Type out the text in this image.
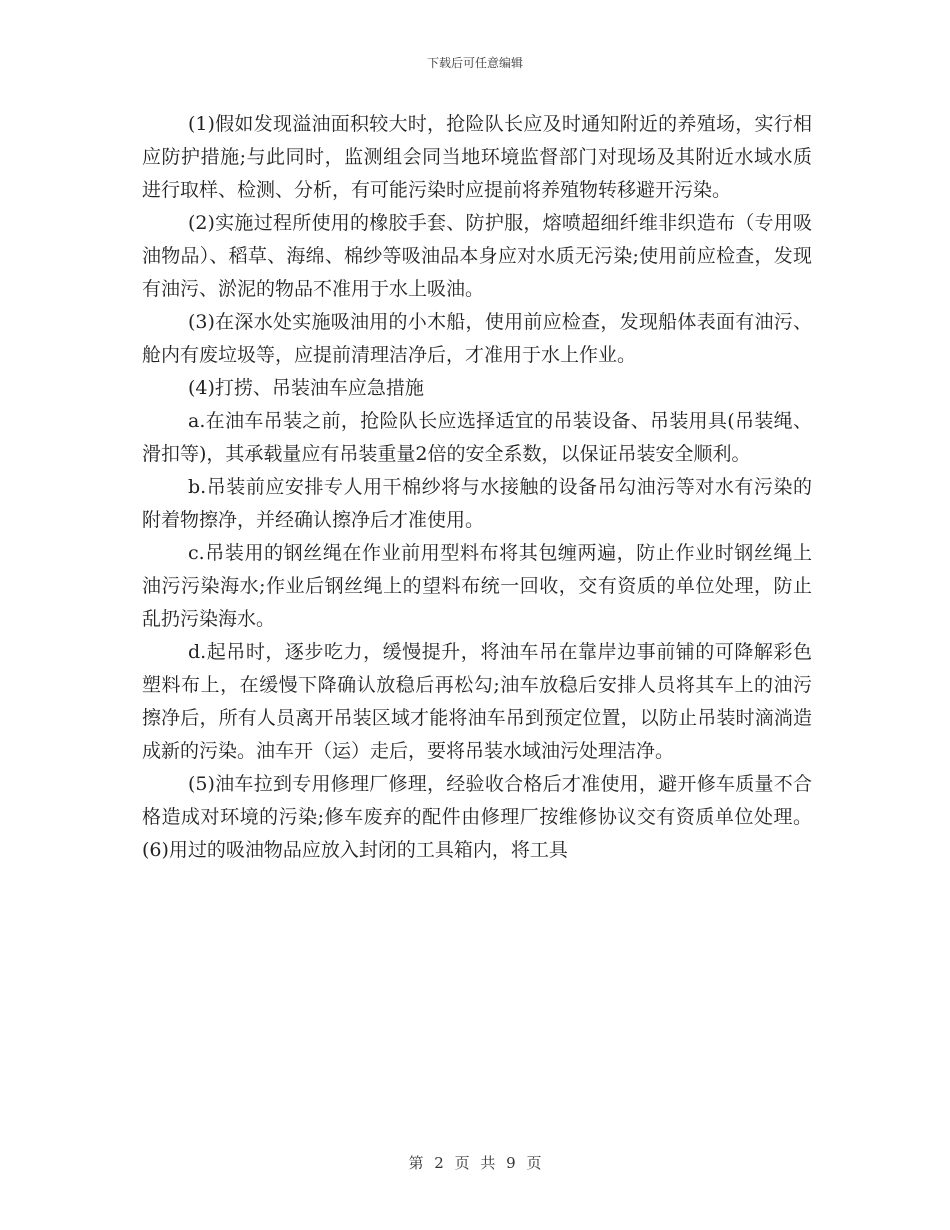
下载后可任意编辑

(1)假如发现溢油面积较大时，抢险队长应及时通知附近的养殖场，实行相应防护措施;与此同时，监测组会同当地环境监督部门对现场及其附近水域水质进行取样、检测、分析，有可能污染时应提前将养殖物转移避开污染。

(2)实施过程所使用的橡胶手套、防护服，熔喷超细纤维非织造布（专用吸油物品）、稻草、海绵、棉纱等吸油品本身应对水质无污染;使用前应检查，发现有油污、淤泥的物品不准用于水上吸油。

(3)在深水处实施吸油用的小木船，使用前应检查，发现船体表面有油污、舱内有废垃圾等，应提前清理洁净后，才准用于水上作业。

(4)打捞、吊装油车应急措施

a.在油车吊装之前，抢险队长应选择适宜的吊装设备、吊装用具(吊装绳、滑扣等)，其承载量应有吊装重量2倍的安全系数，以保证吊装安全顺利。

b.吊装前应安排专人用干棉纱将与水接触的设备吊勾油污等对水有污染的附着物擦净，并经确认擦净后才准使用。

c.吊装用的钢丝绳在作业前用型料布将其包缠两遍，防止作业时钢丝绳上油污污染海水;作业后钢丝绳上的望料布统一回收，交有资质的单位处理，防止乱扔污染海水。

d.起吊时，逐步吃力，缓慢提升，将油车吊在靠岸边事前铺的可降解彩色塑料布上，在缓慢下降确认放稳后再松勾;油车放稳后安排人员将其车上的油污擦净后，所有人员离开吊装区域才能将油车吊到预定位置，以防止吊装时滴淌造成新的污染。油车开（运）走后，要将吊装水域油污处理洁净。

(5)油车拉到专用修理厂修理，经验收合格后才准使用，避开修车质量不合格造成对环境的污染;修车废弃的配件由修理厂按维修协议交有资质单位处理。(6)用过的吸油物品应放入封闭的工具箱内，将工具

第 2 页 共 9 页
